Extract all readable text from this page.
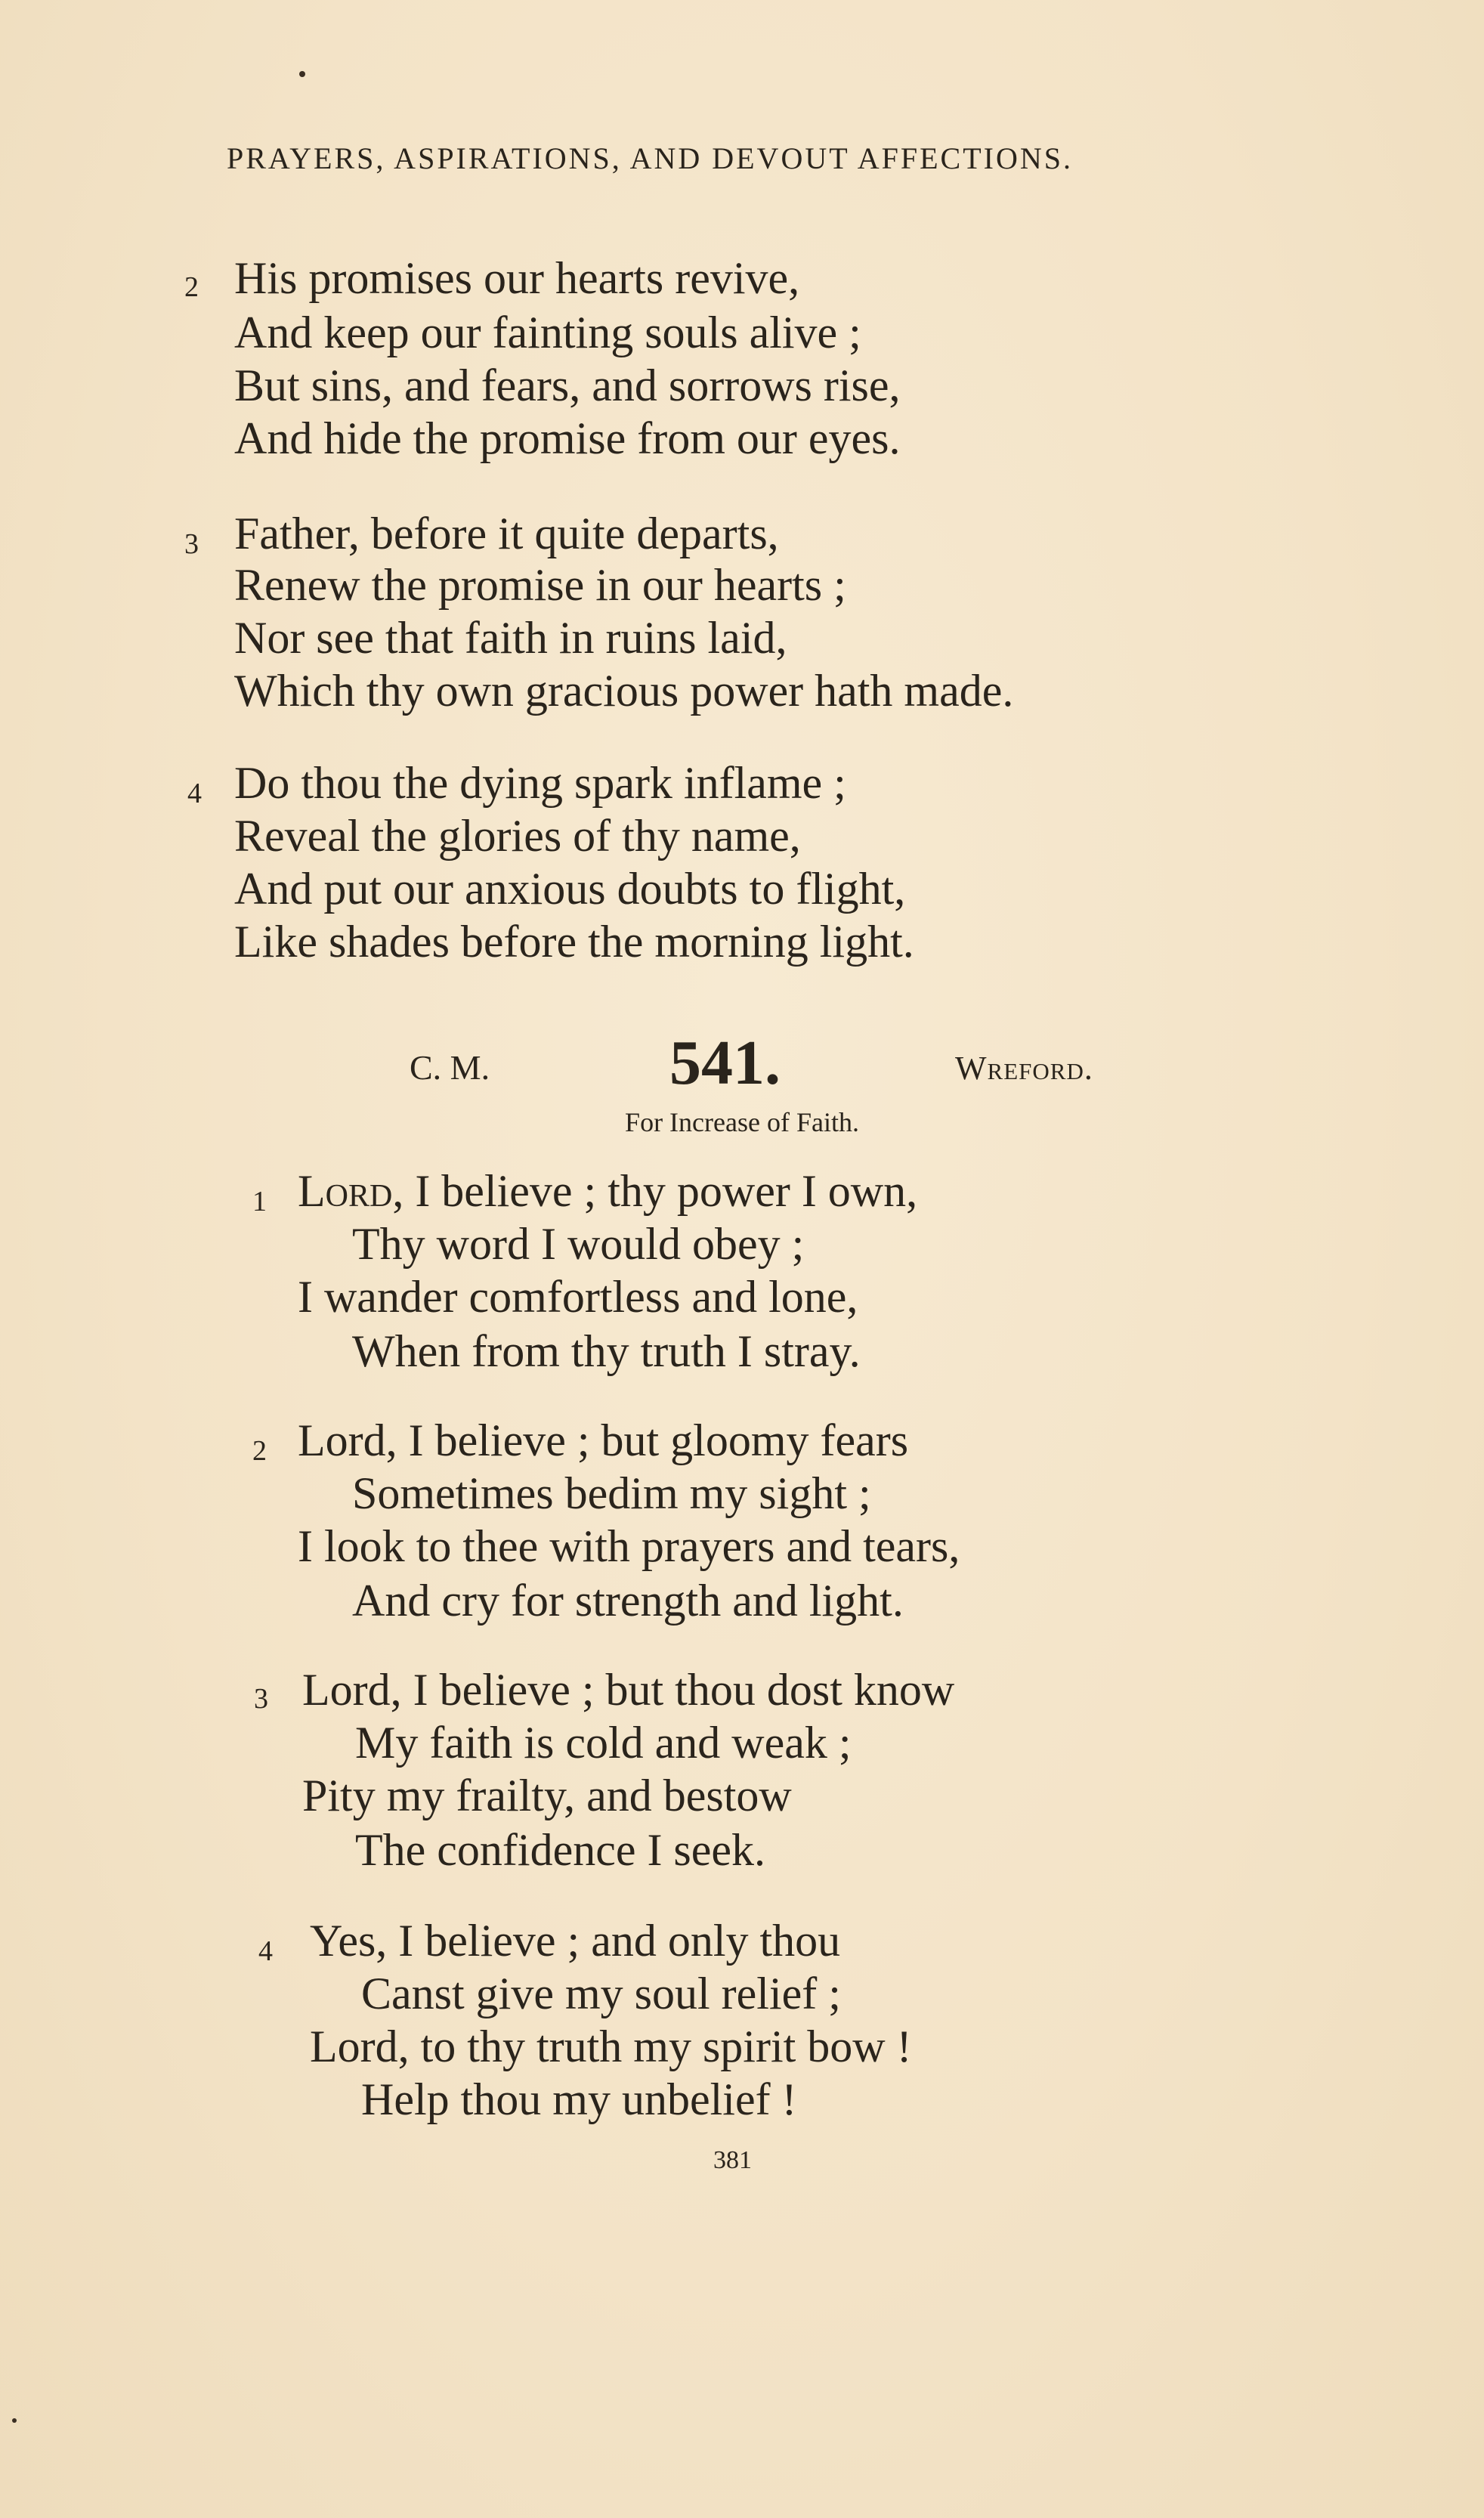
PRAYERS, ASPIRATIONS, AND DEVOUT AFFECTIONS.
2 His promises our hearts revive,
And keep our fainting souls alive ;
But sins, and fears, and sorrows rise,
And hide the promise from our eyes.
3 Father, before it quite departs,
Renew the promise in our hearts ;
Nor see that faith in ruins laid,
Which thy own gracious power hath made.
4 Do thou the dying spark inflame ;
Reveal the glories of thy name,
And put our anxious doubts to flight,
Like shades before the morning light.
C. M.	541.	Wreford.
For Increase of Faith.
1 Lord, I believe ; thy power I own,
Thy word I would obey ;
I wander comfortless and lone,
When from thy truth I stray.
2 Lord, I believe ; but gloomy fears
Sometimes bedim my sight ;
I look to thee with prayers and tears,
And cry for strength and light.
3 Lord, I believe ; but thou dost know
My faith is cold and weak ;
Pity my frailty, and bestow
The confidence I seek.
4 Yes, I believe ; and only thou
Canst give my soul relief ;
Lord, to thy truth my spirit bow !
Help thou my unbelief !
381
